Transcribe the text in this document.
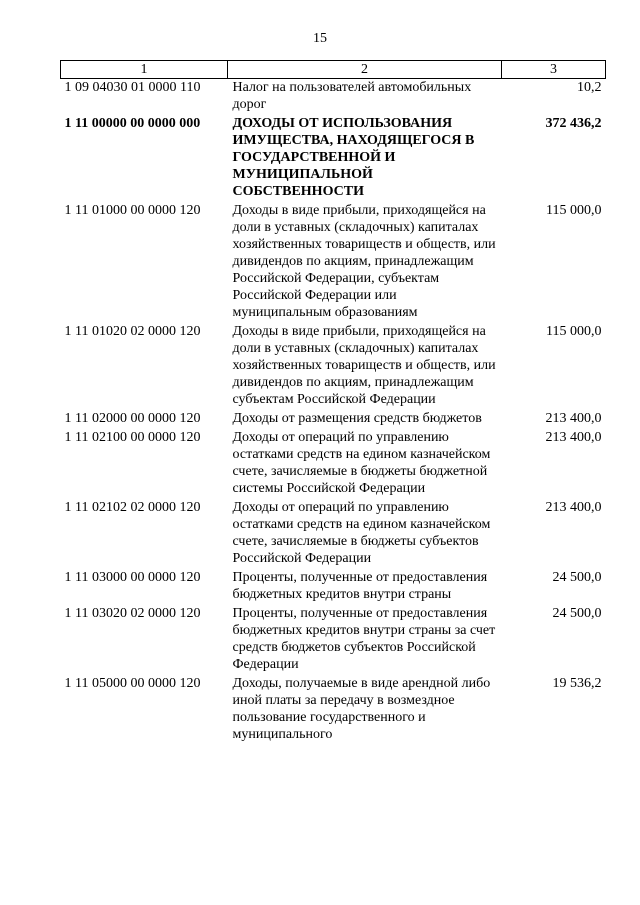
15
1	2	3
1 09 04030 01 0000 110	Налог на пользователей автомобильных дорог	10,2
1 11 00000 00 0000 000	ДОХОДЫ ОТ ИСПОЛЬЗОВАНИЯ ИМУЩЕСТВА, НАХОДЯЩЕГОСЯ В ГОСУДАРСТВЕННОЙ И МУНИЦИПАЛЬНОЙ СОБСТВЕННОСТИ	372 436,2
1 11 01000 00 0000 120	Доходы в виде прибыли, приходящейся на доли в уставных (складочных) капиталах хозяйственных товариществ и обществ, или дивидендов по акциям, принадлежащим Российской Федерации, субъектам Российской Федерации или муниципальным образованиям	115 000,0
1 11 01020 02 0000 120	Доходы в виде прибыли, приходящейся на доли в уставных (складочных) капиталах хозяйственных товариществ и обществ, или дивидендов по акциям, принадлежащим субъектам Российской Федерации	115 000,0
1 11 02000 00 0000 120	Доходы от размещения средств бюджетов	213 400,0
1 11 02100 00 0000 120	Доходы от операций по управлению остатками средств на едином казначейском счете, зачисляемые в бюджеты бюджетной системы Российской Федерации	213 400,0
1 11 02102 02 0000 120	Доходы от операций по управлению остатками средств на едином казначейском счете, зачисляемые в бюджеты субъектов Российской Федерации	213 400,0
1 11 03000 00 0000 120	Проценты, полученные от предоставления бюджетных кредитов внутри страны	24 500,0
1 11 03020 02 0000 120	Проценты, полученные от предоставления бюджетных кредитов внутри страны за счет средств бюджетов субъектов Российской Федерации	24 500,0
1 11 05000 00 0000 120	Доходы, получаемые в виде арендной либо иной платы за передачу в возмездное пользование государственного и муниципального	19 536,2
